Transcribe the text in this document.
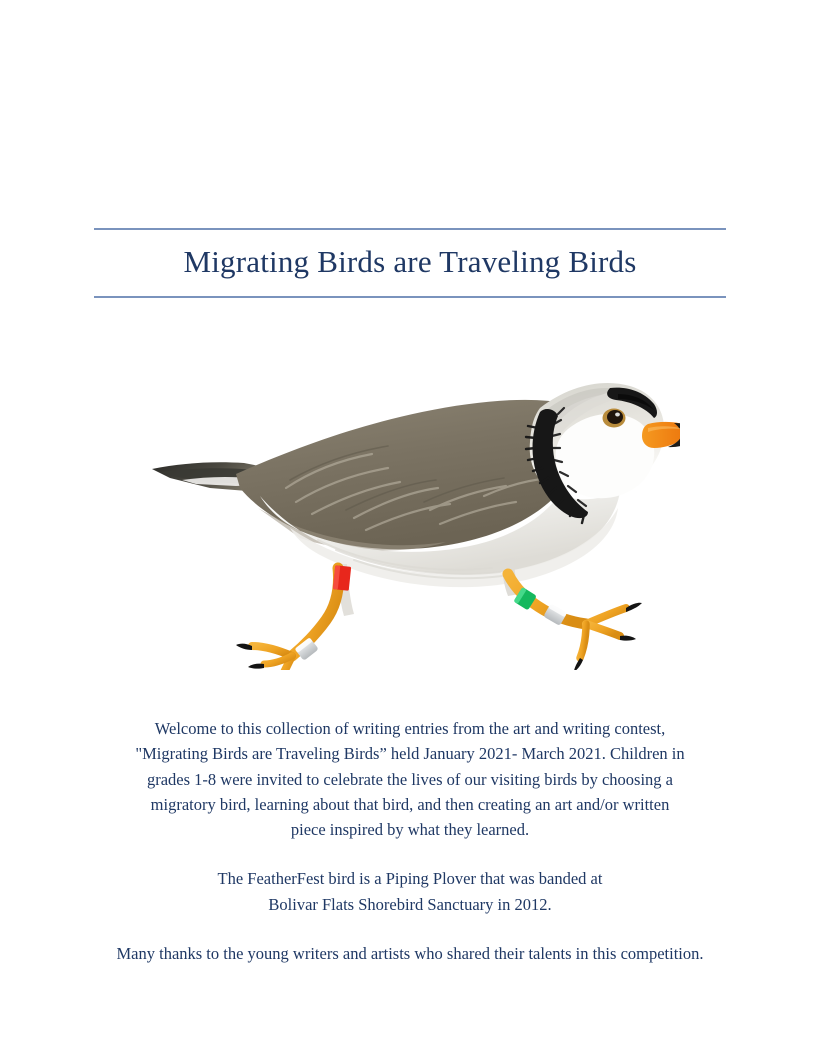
Migrating Birds are Traveling Birds

Welcome to this collection of writing entries from the art and writing contest,
"Migrating Birds are Traveling Birds” held January 2021- March 2021. Children in
grades 1-8 were invited to celebrate the lives of our visiting birds by choosing a
migratory bird, learning about that bird, and then creating an art and/or written
piece inspired by what they learned.

The FeatherFest bird is a Piping Plover that was banded at
Bolivar Flats Shorebird Sanctuary in 2012.

Many thanks to the young writers and artists who shared their talents in this competition.
